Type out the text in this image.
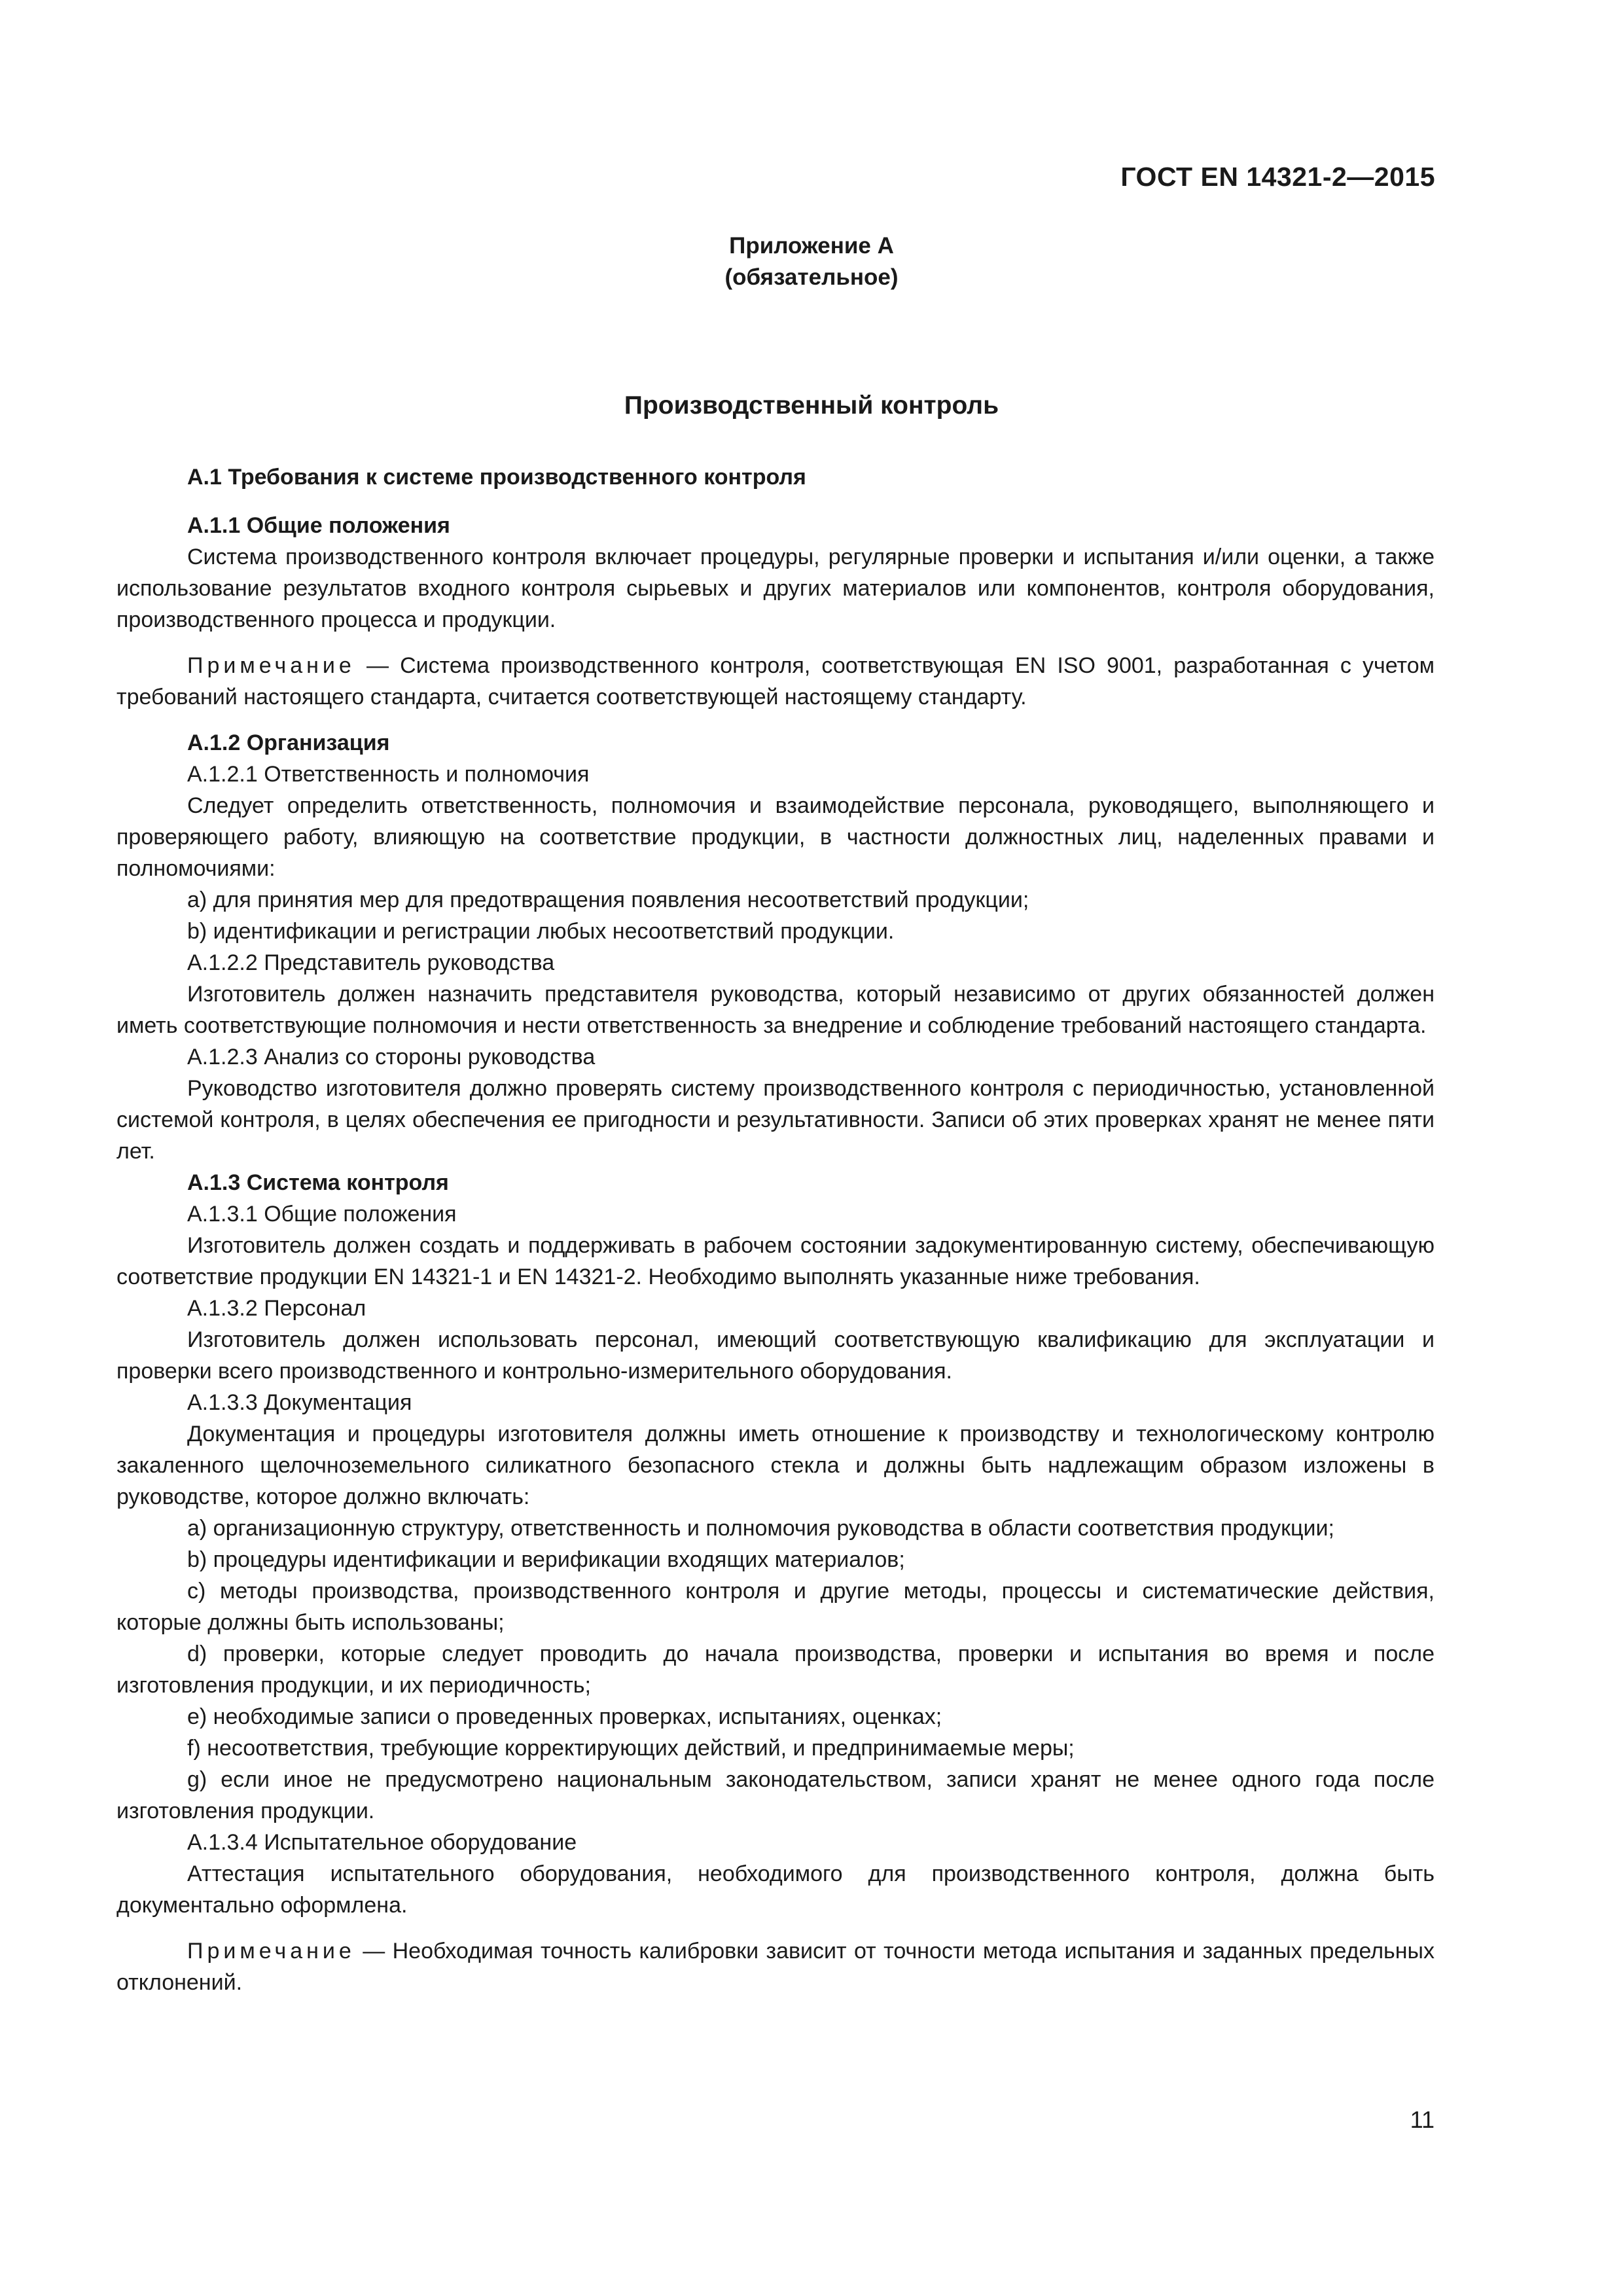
ГОСТ EN 14321-2—2015
Приложение А
(обязательное)
Производственный контроль
А.1 Требования к системе производственного контроля
А.1.1 Общие положения

Система производственного контроля включает процедуры, регулярные проверки и испытания и/или оценки, а также использование результатов входного контроля сырьевых и других материалов или компонентов, контроля оборудования, производственного процесса и продукции.

Примечание — Система производственного контроля, соответствующая EN ISO 9001, разработанная с учетом требований настоящего стандарта, считается соответствующей настоящему стандарту.

А.1.2 Организация
А.1.2.1 Ответственность и полномочия

Следует определить ответственность, полномочия и взаимодействие персонала, руководящего, выполняющего и проверяющего работу, влияющую на соответствие продукции, в частности должностных лиц, наделенных правами и полномочиями:

a) для принятия мер для предотвращения появления несоответствий продукции;

b) идентификации и регистрации любых несоответствий продукции.

А.1.2.2 Представитель руководства

Изготовитель должен назначить представителя руководства, который независимо от других обязанностей должен иметь соответствующие полномочия и нести ответственность за внедрение и соблюдение требований настоящего стандарта.

А.1.2.3 Анализ со стороны руководства

Руководство изготовителя должно проверять систему производственного контроля с периодичностью, установленной системой контроля, в целях обеспечения ее пригодности и результативности. Записи об этих проверках хранят не менее пяти лет.

А.1.3 Система контроля
А.1.3.1 Общие положения

Изготовитель должен создать и поддерживать в рабочем состоянии задокументированную систему, обеспечивающую соответствие продукции EN 14321-1 и EN 14321-2. Необходимо выполнять указанные ниже требования.

А.1.3.2 Персонал

Изготовитель должен использовать персонал, имеющий соответствующую квалификацию для эксплуатации и проверки всего производственного и контрольно-измерительного оборудования.

А.1.3.3 Документация

Документация и процедуры изготовителя должны иметь отношение к производству и технологическому контролю закаленного щелочноземельного силикатного безопасного стекла и должны быть надлежащим образом изложены в руководстве, которое должно включать:

a) организационную структуру, ответственность и полномочия руководства в области соответствия продукции;

b) процедуры идентификации и верификации входящих материалов;

c) методы производства, производственного контроля и другие методы, процессы и систематические действия, которые должны быть использованы;

d) проверки, которые следует проводить до начала производства, проверки и испытания во время и после изготовления продукции, и их периодичность;

e) необходимые записи о проведенных проверках, испытаниях, оценках;

f) несоответствия, требующие корректирующих действий, и предпринимаемые меры;

g) если иное не предусмотрено национальным законодательством, записи хранят не менее одного года после изготовления продукции.

А.1.3.4 Испытательное оборудование

Аттестация испытательного оборудования, необходимого для производственного контроля, должна быть документально оформлена.

Примечание — Необходимая точность калибровки зависит от точности метода испытания и заданных предельных отклонений.

11
